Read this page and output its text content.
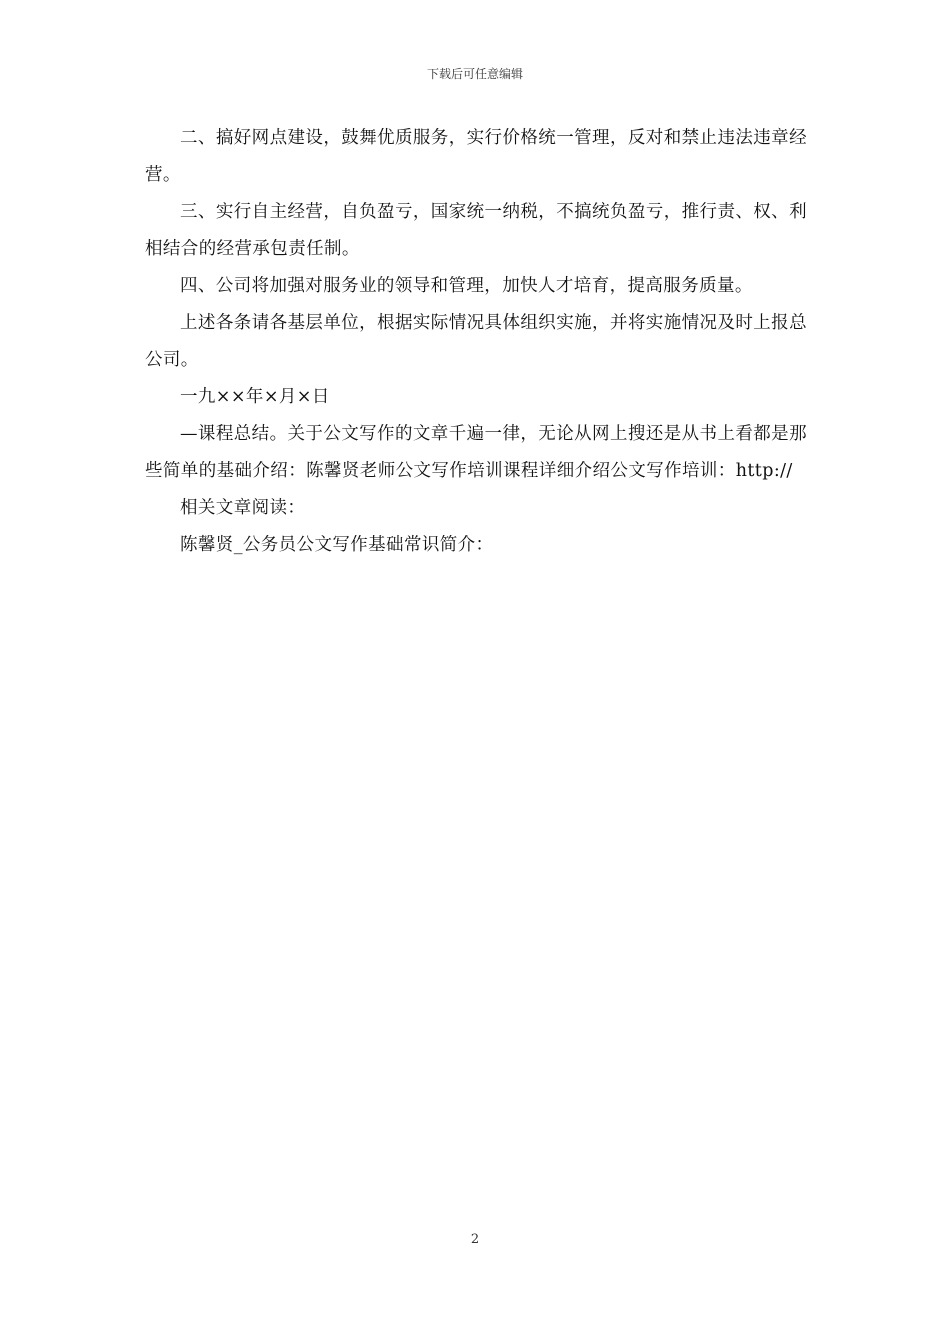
下载后可任意编辑

二、搞好网点建设，鼓舞优质服务，实行价格统一管理，反对和禁止违法违章经营。

三、实行自主经营，自负盈亏，国家统一纳税，不搞统负盈亏，推行责、权、利相结合的经营承包责任制。

四、公司将加强对服务业的领导和管理，加快人才培育，提高服务质量。

上述各条请各基层单位，根据实际情况具体组织实施，并将实施情况及时上报总公司。

一九××年×月×日

—课程总结。关于公文写作的文章千遍一律，无论从网上搜还是从书上看都是那些简单的基础介绍：陈馨贤老师公文写作培训课程详细介绍公文写作培训：http://

相关文章阅读：

陈馨贤_公务员公文写作基础常识简介：

2
